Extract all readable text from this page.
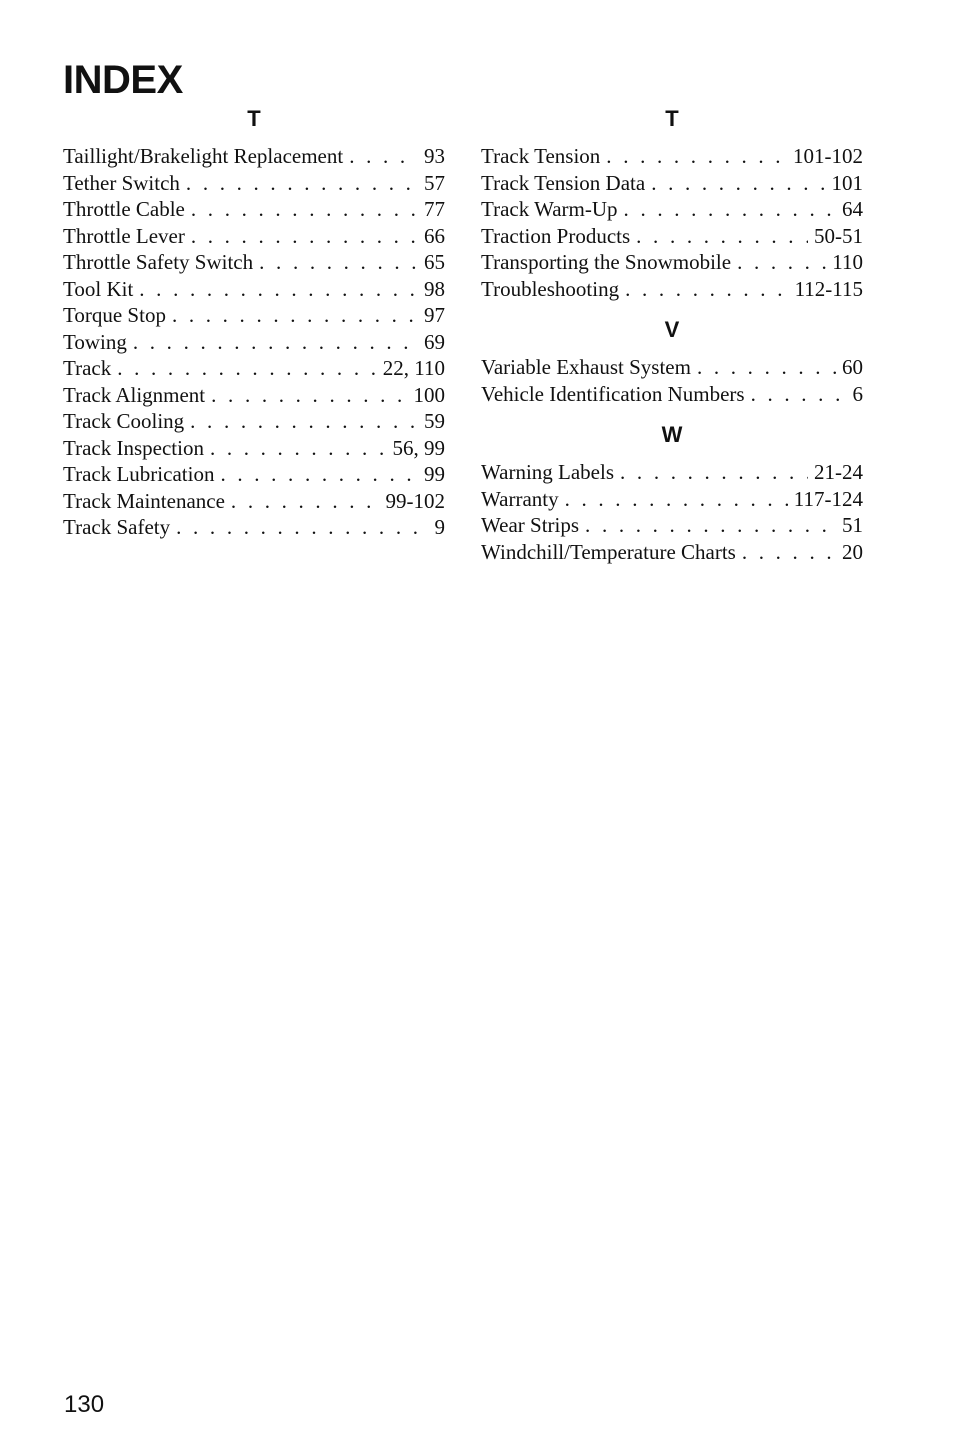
INDEX
T
Taillight/Brakelight Replacement . . .	93
Tether Switch . . .	57
Throttle Cable . . .	77
Throttle Lever . . .	66
Throttle Safety Switch . . .	65
Tool Kit . . .	98
Torque Stop . . .	97
Towing . . .	69
Track . . .	22, 110
Track Alignment . . .	100
Track Cooling . . .	59
Track Inspection . . .	56, 99
Track Lubrication . . .	99
Track Maintenance . . .	99-102
Track Safety . . .	9
T
Track Tension . . .	101-102
Track Tension Data . . .	101
Track Warm-Up . . .	64
Traction Products . . .	50-51
Transporting the Snowmobile . . .	110
Troubleshooting . . .	112-115
V
Variable Exhaust System . . .	60
Vehicle Identification Numbers . . .	6
W
Warning Labels . . .	21-24
Warranty . . .	117-124
Wear Strips . . .	51
Windchill/Temperature Charts . . .	20
130
